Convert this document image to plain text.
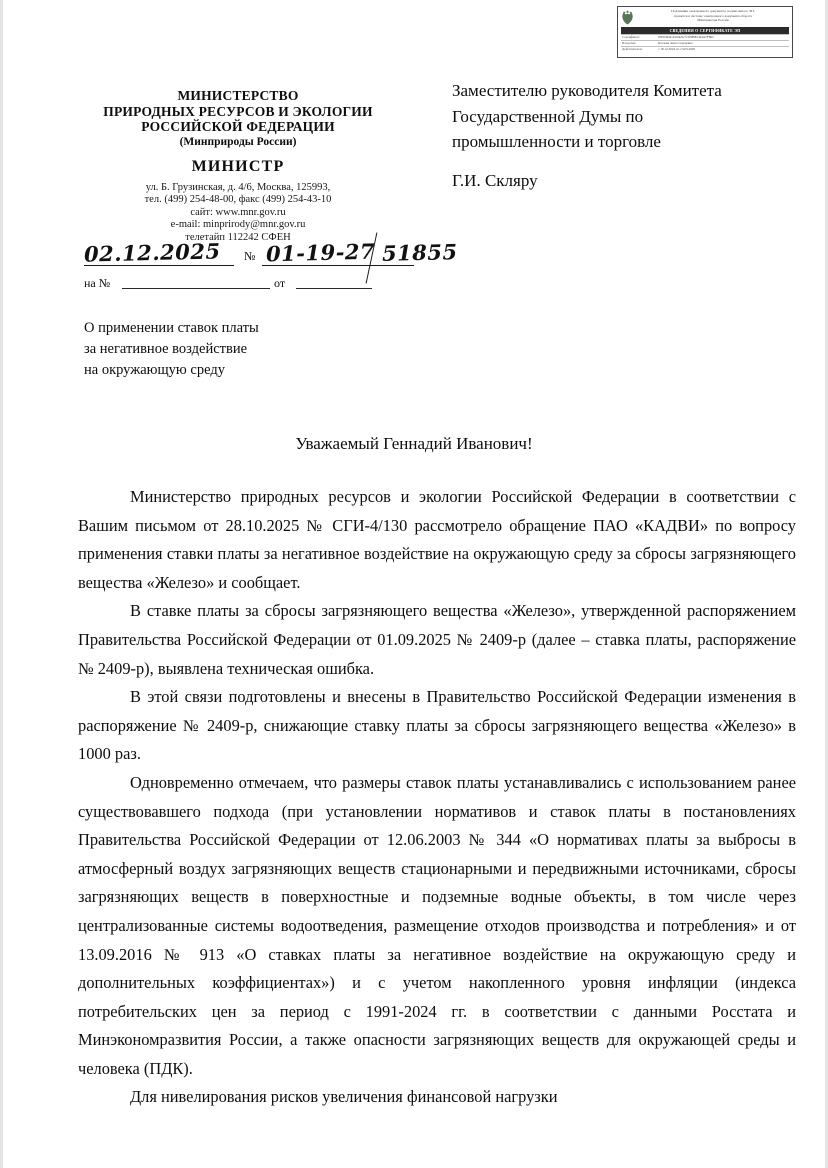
Подлинник электронного документа, подписанного ЭП,
хранится в системе электронного документооборота
Минприроды России
СВЕДЕНИЯ О СЕРТИФИКАТЕ ЭП
Сертификат:	05E6364CAD442G71500BECD4A7F862
Владелец:	Козлова Анна Сергеевна
Действителен:	с 18.12.2024 по 13.03.2026
МИНИСТЕРСТВО
ПРИРОДНЫХ РЕСУРСОВ И ЭКОЛОГИИ
РОССИЙСКОЙ ФЕДЕРАЦИИ
(Минприроды России)
МИНИСТР
ул. Б. Грузинская, д. 4/6, Москва, 125993,
тел. (499) 254-48-00, факс (499) 254-43-10
сайт: www.mnr.gov.ru
e-mail: minprirody@mnr.gov.ru
телетайп 112242 СФЕН
02.12.2025 № 01-19-27 51855
на №	от
О применении ставок платы
за негативное воздействие
на окружающую среду
Заместителю руководителя Комитета
Государственной Думы по
промышленности и торговле
Г.И. Скляру
Уважаемый Геннадий Иванович!

Министерство природных ресурсов и экологии Российской Федерации в соответствии с Вашим письмом от 28.10.2025 № СГИ-4/130 рассмотрело обращение ПАО «КАДВИ» по вопросу применения ставки платы за негативное воздействие на окружающую среду за сбросы загрязняющего вещества «Железо» и сообщает.

В ставке платы за сбросы загрязняющего вещества «Железо», утвержденной распоряжением Правительства Российской Федерации от 01.09.2025 № 2409-р (далее – ставка платы, распоряжение № 2409-р), выявлена техническая ошибка.

В этой связи подготовлены и внесены в Правительство Российской Федерации изменения в распоряжение № 2409-р, снижающие ставку платы за сбросы загрязняющего вещества «Железо» в 1000 раз.

Одновременно отмечаем, что размеры ставок платы устанавливались с использованием ранее существовавшего подхода (при установлении нормативов и ставок платы в постановлениях Правительства Российской Федерации от 12.06.2003 № 344 «О нормативах платы за выбросы в атмосферный воздух загрязняющих веществ стационарными и передвижными источниками, сбросы загрязняющих веществ в поверхностные и подземные водные объекты, в том числе через централизованные системы водоотведения, размещение отходов производства и потребления» и от 13.09.2016 № 913 «О ставках платы за негативное воздействие на окружающую среду и дополнительных коэффициентах») и с учетом накопленного уровня инфляции (индекса потребительских цен за период с 1991-2024 гг. в соответствии с данными Росстата и Минэкономразвития России, а также опасности загрязняющих веществ для окружающей среды и человека (ПДК).

Для нивелирования рисков увеличения финансовой нагрузки
